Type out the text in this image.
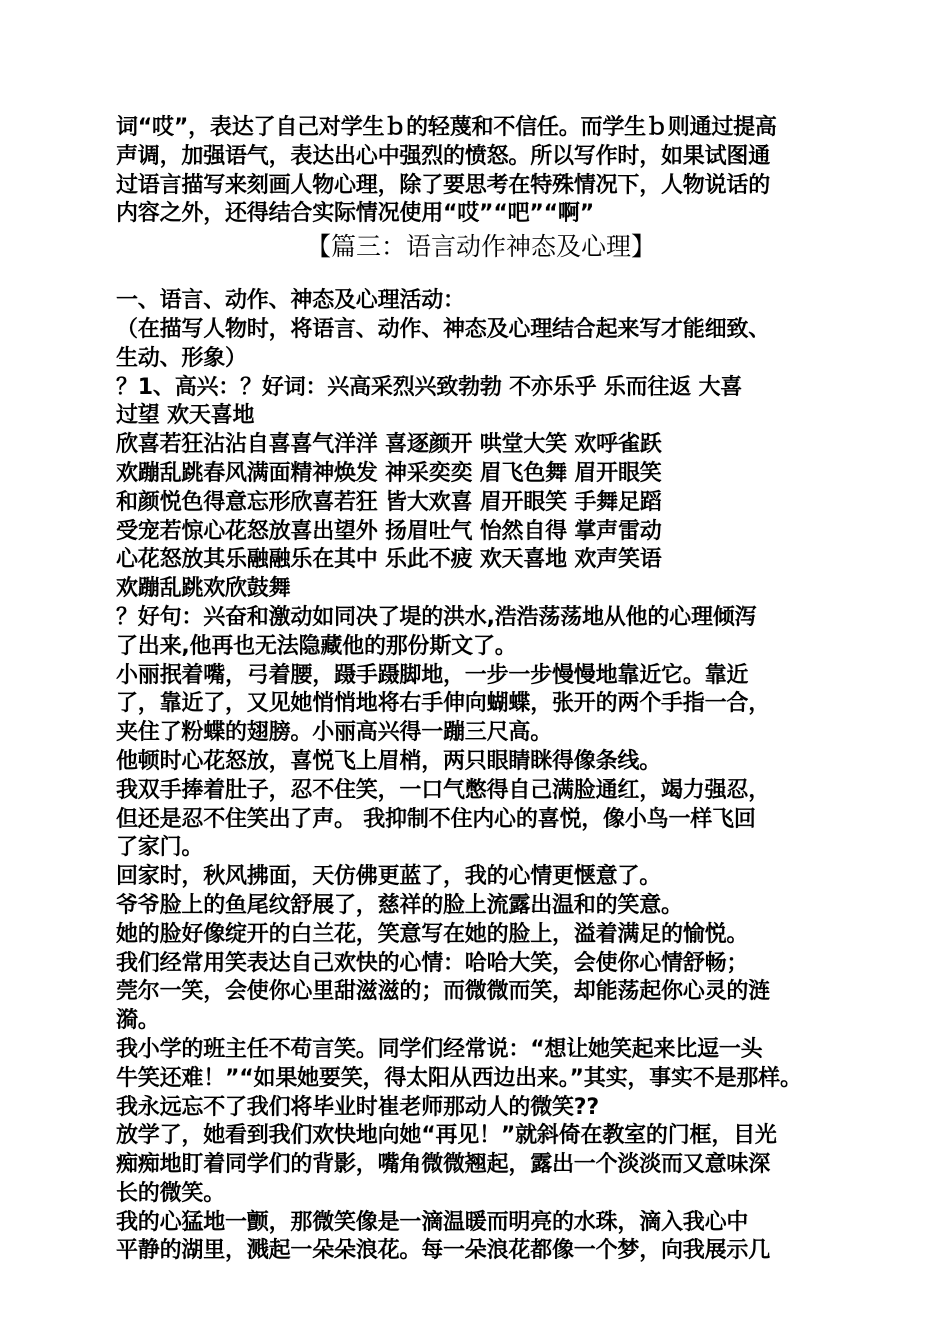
词“哎”，表达了自己对学生ｂ的轻蔑和不信任。而学生ｂ则通过提高
声调，加强语气，表达出心中强烈的愤怒。所以写作时，如果试图通
过语言描写来刻画人物心理，除了要思考在特殊情况下，人物说话的
内容之外，还得结合实际情况使用“哎”“吧”“啊”
【篇三：语言动作神态及心理】
一、语言、动作、神态及心理活动：
（在描写人物时，将语言、动作、神态及心理结合起来写才能细致、
生动、形象）
？1、高兴：？好词：兴高采烈兴致勃勃 不亦乐乎 乐而往返 大喜
过望 欢天喜地
欣喜若狂沾沾自喜喜气洋洋 喜逐颜开 哄堂大笑 欢呼雀跃
欢蹦乱跳春风满面精神焕发 神采奕奕 眉飞色舞 眉开眼笑
和颜悦色得意忘形欣喜若狂 皆大欢喜 眉开眼笑 手舞足蹈
受宠若惊心花怒放喜出望外 扬眉吐气 怡然自得 掌声雷动
心花怒放其乐融融乐在其中 乐此不疲 欢天喜地 欢声笑语
欢蹦乱跳欢欣鼓舞
？好句：兴奋和激动如同决了堤的洪水,浩浩荡荡地从他的心理倾泻
了出来,他再也无法隐藏他的那份斯文了。
小丽抿着嘴，弓着腰，蹑手蹑脚地，一步一步慢慢地靠近它。靠近
了，靠近了，又见她悄悄地将右手伸向蝴蝶，张开的两个手指一合，
夹住了粉蝶的翅膀。小丽高兴得一蹦三尺高。
他顿时心花怒放，喜悦飞上眉梢，两只眼睛眯得像条线。
我双手捧着肚子，忍不住笑，一口气憋得自己满脸通红，竭力强忍，
但还是忍不住笑出了声。 我抑制不住内心的喜悦，像小鸟一样飞回
了家门。
回家时，秋风拂面，天仿佛更蓝了，我的心情更惬意了。
爷爷脸上的鱼尾纹舒展了，慈祥的脸上流露出温和的笑意。
她的脸好像绽开的白兰花，笑意写在她的脸上，溢着满足的愉悦。
我们经常用笑表达自己欢快的心情：哈哈大笑，会使你心情舒畅；
莞尔一笑，会使你心里甜滋滋的；而微微而笑，却能荡起你心灵的涟
漪。
我小学的班主任不苟言笑。同学们经常说：“想让她笑起来比逗一头
牛笑还难！”“如果她要笑，得太阳从西边出来。”其实，事实不是那样。
我永远忘不了我们将毕业时崔老师那动人的微笑??
放学了，她看到我们欢快地向她“再见！”就斜倚在教室的门框，目光
痴痴地盯着同学们的背影，嘴角微微翘起，露出一个淡淡而又意味深
长的微笑。
我的心猛地一颤，那微笑像是一滴温暖而明亮的水珠，滴入我心中
平静的湖里，溅起一朵朵浪花。每一朵浪花都像一个梦，向我展示几
